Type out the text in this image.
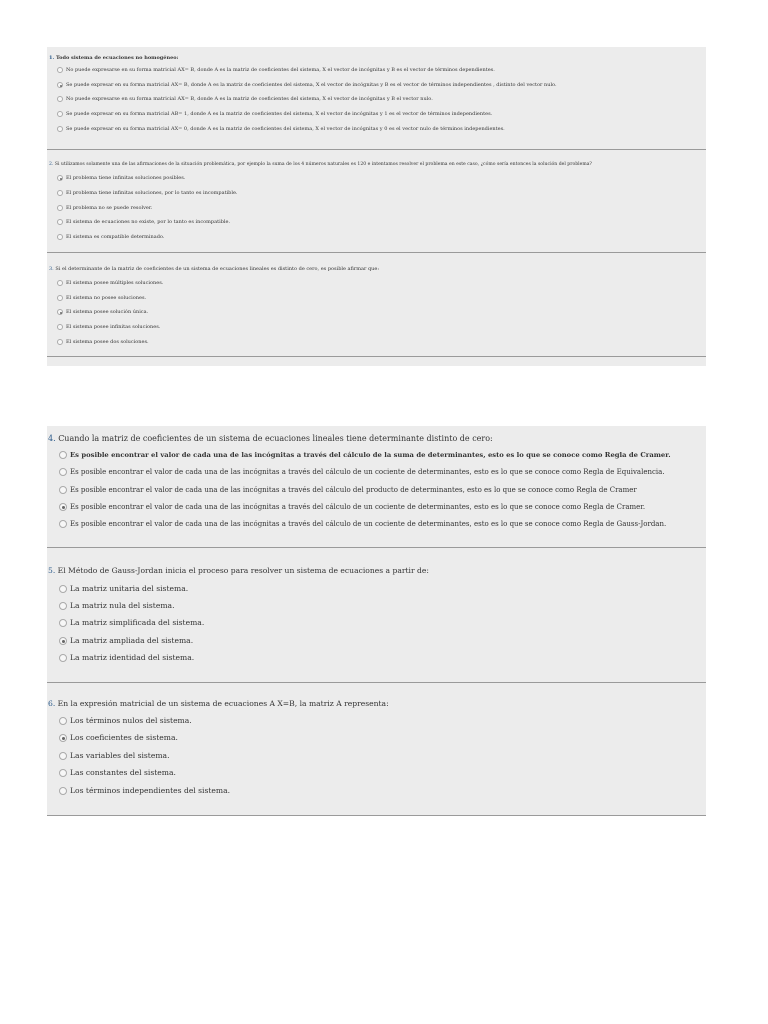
1. Todo sistema de ecuaciones no homogéneo:
No puede expresarse en su forma matricial AX= B, donde A es la matriz de coeficientes del sistema, X el vector de incógnitas y B es el vector de términos dependientes.
Se puede expresar en su forma matricial AX= B, donde A es la matriz de coeficientes del sistema, X el vector de incógnitas y B es el vector de términos independientes , distinto del vector nulo.
No puede expresarse en su forma matricial AX= B, donde A es la matriz de coeficientes del sistema, X el vector de incógnitas y B el vector nulo.
Se puede expresar en su forma matricial AB= 1, donde A es la matriz de coeficientes del sistema, X el vector de incógnitas y 1 es el vector de términos independientes.
Se puede expresar en su forma matricial AX= 0, donde A es la matriz de coeficientes del sistema, X el vector de incógnitas y 0 es el vector nulo de términos independientes.
2. Si utilizamos solamente una de las afirmaciones de la situación problemática, por ejemplo la suma de los 4 números naturales es 120 e intentamos resolver el problema en este caso, ¿cómo sería entonces la solución del problema?
El problema tiene infinitas soluciones posibles.
El problema tiene infinitas soluciones, por lo tanto es incompatible.
El problema no se puede resolver.
El sistema de ecuaciones no existe, por lo tanto es incompatible.
El sistema es compatible determinado.
3. Si el determinante de la matriz de coeficientes de un sistema de ecuaciones lineales es distinto de cero, es posible afirmar que:
El sistema posee múltiples soluciones.
El sistema no posee soluciones.
El sistema posee solución única.
El sistema posee infinitas soluciones.
El sistema posee dos soluciones.
4. Cuando la matriz de coeficientes de un sistema de ecuaciones lineales tiene determinante distinto de cero:
Es posible encontrar el valor de cada una de las incógnitas a través del cálculo de la suma de determinantes, esto es lo que se conoce como Regla de Cramer.
Es posible encontrar el valor de cada una de las incógnitas a través del cálculo de un cociente de determinantes, esto es lo que se conoce como Regla de Equivalencia.
Es posible encontrar el valor de cada una de las incógnitas a través del cálculo del producto de determinantes, esto es lo que se conoce como Regla de Cramer
Es posible encontrar el valor de cada una de las incógnitas a través del cálculo de un cociente de determinantes, esto es lo que se conoce como Regla de Cramer.
Es posible encontrar el valor de cada una de las incógnitas a través del cálculo de un cociente de determinantes, esto es lo que se conoce como Regla de Gauss-Jordan.
5. El Método de Gauss-Jordan inicia el proceso para resolver un sistema de ecuaciones a partir de:
La matriz unitaria del sistema.
La matriz nula del sistema.
La matriz simplificada del sistema.
La matriz ampliada del sistema.
La matriz identidad del sistema.
6. En la expresión matricial de un sistema de ecuaciones A X=B, la matriz A representa:
Los términos nulos del sistema.
Los coeficientes de sistema.
Las variables del sistema.
Las constantes del sistema.
Los términos independientes del sistema.
